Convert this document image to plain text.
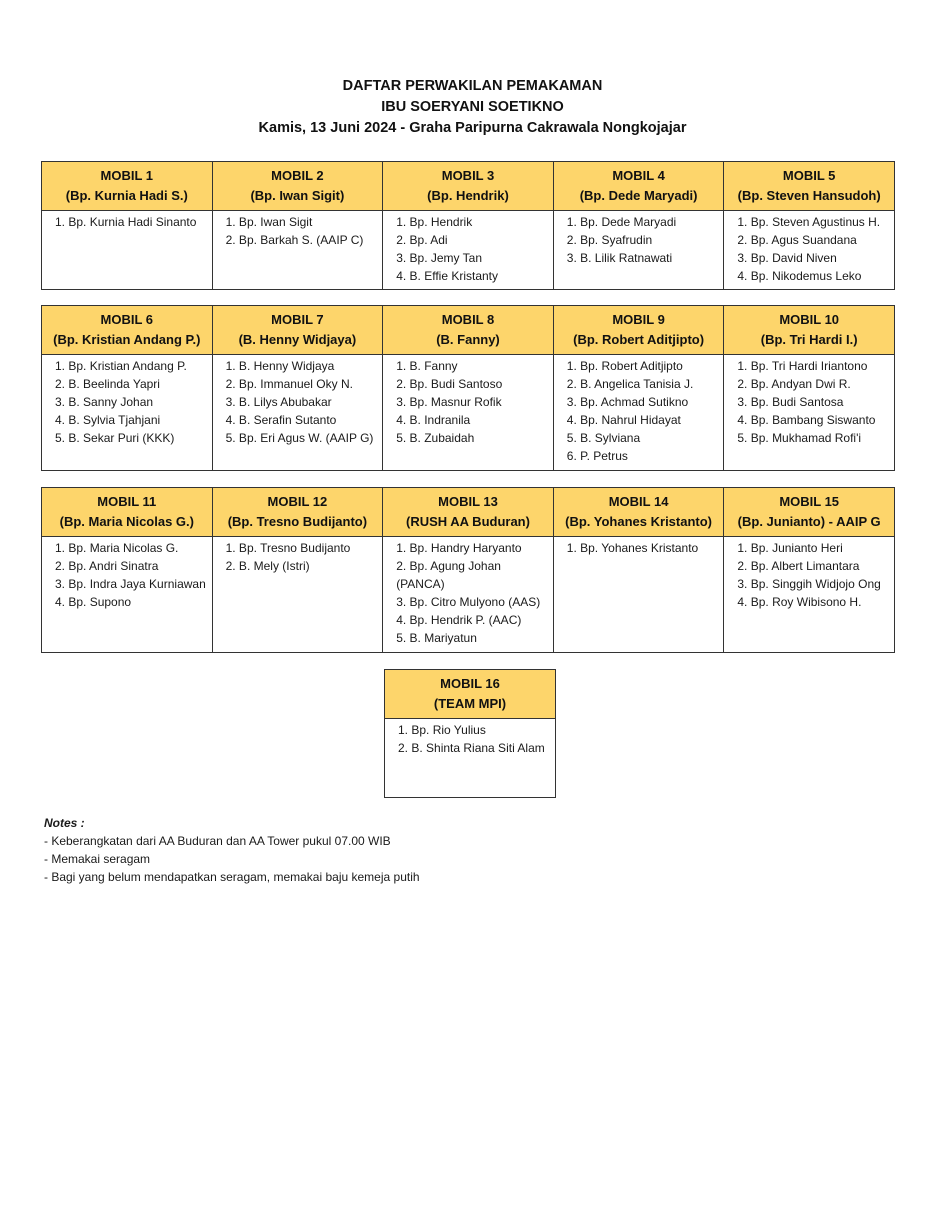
DAFTAR PERWAKILAN PEMAKAMAN
IBU SOERYANI SOETIKNO
Kamis, 13 Juni 2024 - Graha Paripurna Cakrawala Nongkojajar
MOBIL 1
(Bp. Kurnia Hadi S.)
1. Bp. Kurnia Hadi Sinanto
MOBIL 2
(Bp. Iwan Sigit)
1. Bp. Iwan Sigit
2. Bp. Barkah S. (AAIP C)
MOBIL 3
(Bp. Hendrik)
1. Bp. Hendrik
2. Bp. Adi
3. Bp. Jemy Tan
4. B. Effie Kristanty
MOBIL 4
(Bp. Dede Maryadi)
1. Bp. Dede Maryadi
2. Bp. Syafrudin
3. B. Lilik Ratnawati
MOBIL 5
(Bp. Steven Hansudoh)
1. Bp. Steven Agustinus H.
2. Bp. Agus Suandana
3. Bp. David Niven
4. Bp. Nikodemus Leko
MOBIL 6
(Bp. Kristian Andang P.)
1. Bp. Kristian Andang P.
2. B. Beelinda Yapri
3. B. Sanny Johan
4. B. Sylvia Tjahjani
5. B. Sekar Puri (KKK)
MOBIL 7
(B. Henny Widjaya)
1. B. Henny Widjaya
2. Bp. Immanuel Oky N.
3. B. Lilys Abubakar
4. B. Serafin Sutanto
5. Bp. Eri Agus W. (AAIP G)
MOBIL 8
(B. Fanny)
1. B. Fanny
2. Bp. Budi Santoso
3. Bp. Masnur Rofik
4. B. Indranila
5. B. Zubaidah
MOBIL 9
(Bp. Robert Aditjipto)
1. Bp. Robert Aditjipto
2. B. Angelica Tanisia J.
3. Bp. Achmad Sutikno
4. Bp. Nahrul Hidayat
5. B. Sylviana
6. P. Petrus
MOBIL 10
(Bp. Tri Hardi I.)
1. Bp. Tri Hardi Iriantono
2. Bp. Andyan Dwi R.
3. Bp. Budi Santosa
4. Bp. Bambang Siswanto
5. Bp. Mukhamad Rofi'i
MOBIL 11
(Bp. Maria Nicolas G.)
1. Bp. Maria Nicolas G.
2. Bp. Andri Sinatra
3. Bp. Indra Jaya Kurniawan
4. Bp. Supono
MOBIL 12
(Bp. Tresno Budijanto)
1. Bp. Tresno Budijanto
2. B. Mely (Istri)
MOBIL 13
(RUSH AA Buduran)
1. Bp. Handry Haryanto
2. Bp. Agung Johan (PANCA)
3. Bp. Citro Mulyono (AAS)
4. Bp. Hendrik P. (AAC)
5. B. Mariyatun
MOBIL 14
(Bp. Yohanes Kristanto)
1. Bp. Yohanes Kristanto
MOBIL 15
(Bp. Junianto) - AAIP G
1. Bp. Junianto Heri
2. Bp. Albert Limantara
3. Bp. Singgih Widjojo Ong
4. Bp. Roy Wibisono H.
MOBIL 16
(TEAM MPI)
1. Bp. Rio Yulius
2. B. Shinta Riana Siti Alam
Notes :
- Keberangkatan dari AA Buduran dan AA Tower pukul 07.00 WIB
- Memakai seragam
- Bagi yang belum mendapatkan seragam, memakai baju kemeja putih
